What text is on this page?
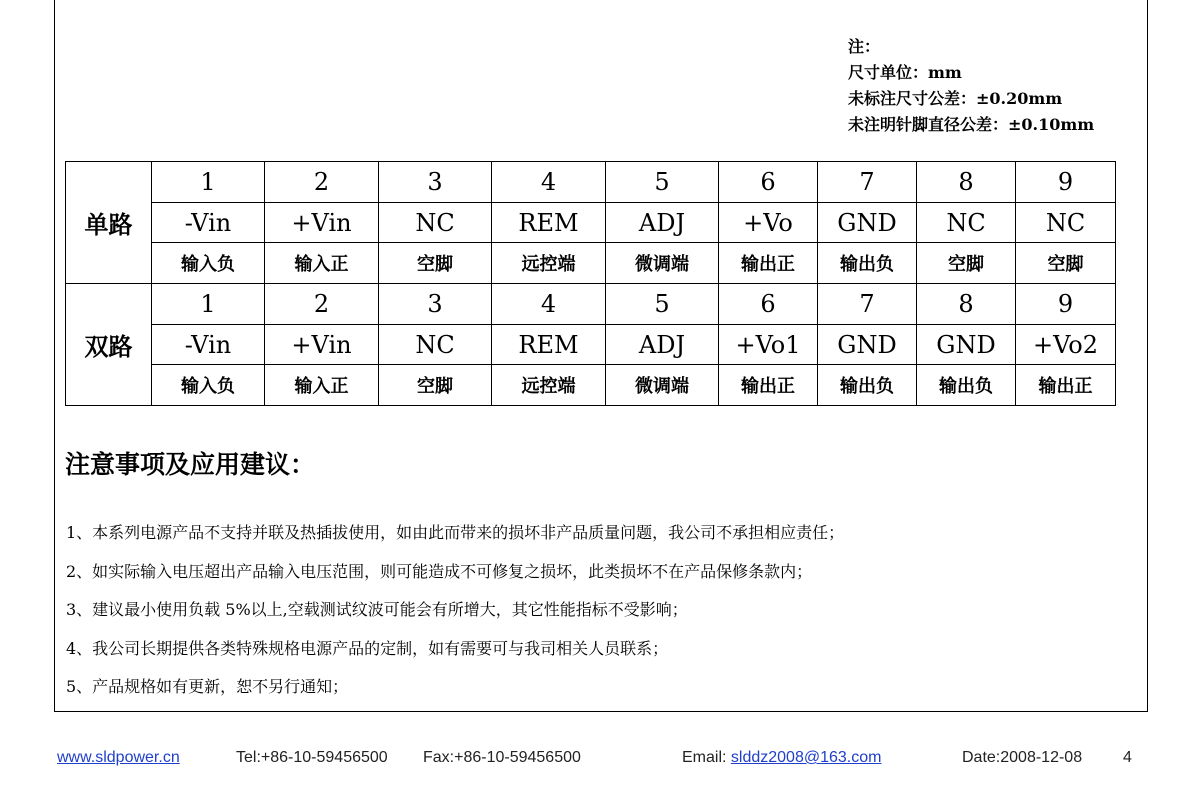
注：
尺寸单位：mm
未标注尺寸公差：±0.20mm
未注明针脚直径公差：±0.10mm
单路	1	2	3	4	5	6	7	8	9
	-Vin	+Vin	NC	REM	ADJ	+Vo	GND	NC	NC
	输入负	输入正	空脚	远控端	微调端	输出正	输出负	空脚	空脚
双路	1	2	3	4	5	6	7	8	9
	-Vin	+Vin	NC	REM	ADJ	+Vo1	GND	GND	+Vo2
	输入负	输入正	空脚	远控端	微调端	输出正	输出负	输出负	输出正
注意事项及应用建议：
1、本系列电源产品不支持并联及热插拔使用，如由此而带来的损坏非产品质量问题，我公司不承担相应责任；
2、如实际输入电压超出产品输入电压范围，则可能造成不可修复之损坏，此类损坏不在产品保修条款内；
3、建议最小使用负载 5%以上,空载测试纹波可能会有所增大，其它性能指标不受影响；
4、我公司长期提供各类特殊规格电源产品的定制，如有需要可与我司相关人员联系；
5、产品规格如有更新，恕不另行通知；
www.sldpower.cn	Tel:+86-10-59456500 Fax:+86-10-59456500	Email: slddz2008@163.com	Date:2008-12-08	4
